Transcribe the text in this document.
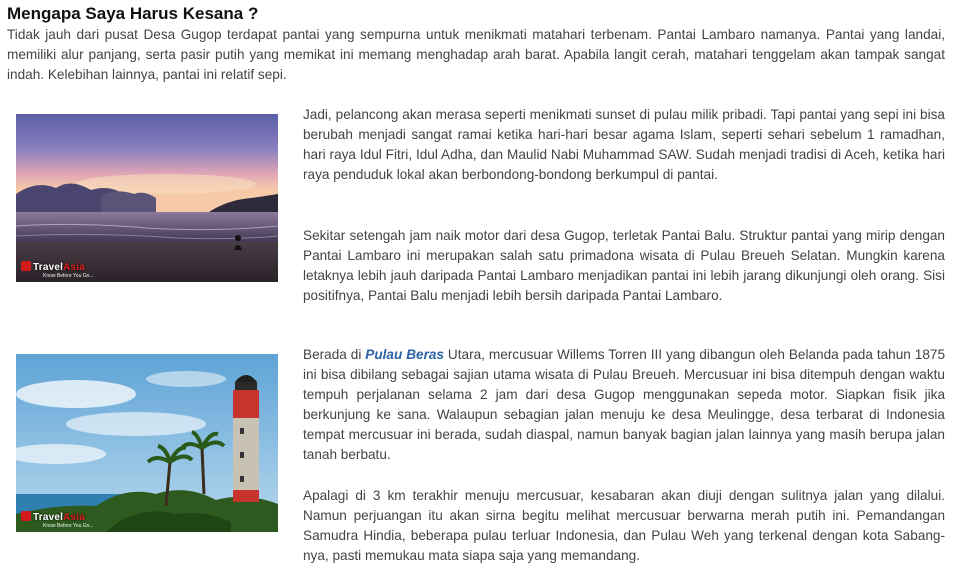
Mengapa Saya Harus Kesana ?

Tidak jauh dari pusat Desa Gugop terdapat pantai yang sempurna untuk menikmati matahari terbenam. Pantai Lambaro namanya. Pantai yang landai, memiliki alur panjang, serta pasir putih yang memikat ini memang menghadap arah barat. Apabila langit cerah, matahari tenggelam akan tampak sangat indah. Kelebihan lainnya, pantai ini relatif sepi.

TravelAsia
Know Before You Go...
TravelAsia
Know Before You Go...

Jadi, pelancong akan merasa seperti menikmati sunset di pulau milik pribadi. Tapi pantai yang sepi ini bisa berubah menjadi sangat ramai ketika hari-hari besar agama Islam, seperti sehari sebelum 1 ramadhan, hari raya Idul Fitri, Idul Adha, dan Maulid Nabi Muhammad SAW. Sudah menjadi tradisi di Aceh, ketika hari raya penduduk lokal akan berbondong-bondong berkumpul di pantai.

Sekitar setengah jam naik motor dari desa Gugop, terletak Pantai Balu. Struktur pantai yang mirip dengan Pantai Lambaro ini merupakan salah satu primadona wisata di Pulau Breueh Selatan. Mungkin karena letaknya lebih jauh daripada Pantai Lambaro menjadikan pantai ini lebih jarang dikunjungi oleh orang. Sisi positifnya, Pantai Balu menjadi lebih bersih daripada Pantai Lambaro.

Berada di Pulau Beras Utara, mercusuar Willems Torren III yang dibangun oleh Belanda pada tahun 1875 ini bisa dibilang sebagai sajian utama wisata di Pulau Breueh. Mercusuar ini bisa ditempuh dengan waktu tempuh perjalanan selama 2 jam dari desa Gugop menggunakan sepeda motor. Siapkan fisik jika berkunjung ke sana. Walaupun sebagian jalan menuju ke desa Meulingge, desa terbarat di Indonesia tempat mercusuar ini berada, sudah diaspal, namun banyak bagian jalan lainnya yang masih berupa jalan tanah berbatu.

Apalagi di 3 km terakhir menuju mercusuar, kesabaran akan diuji dengan sulitnya jalan yang dilalui. Namun perjuangan itu akan sirna begitu melihat mercusuar berwarna merah putih ini. Pemandangan Samudra Hindia, beberapa pulau terluar Indonesia, dan Pulau Weh yang terkenal dengan kota Sabang-nya, pasti memukau mata siapa saja yang memandang.
